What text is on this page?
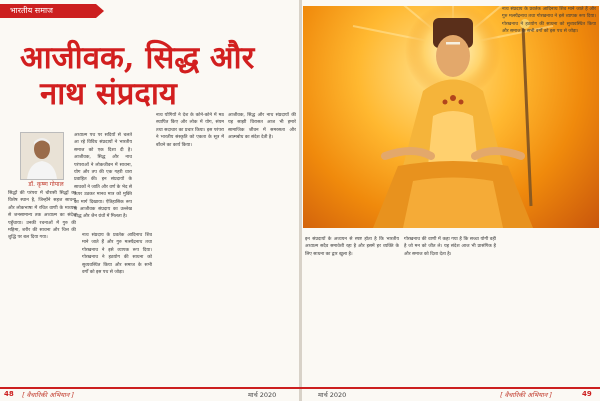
भारतीय समाज
आजीवक, सिद्ध और
नाथ संप्रदाय
डॉ. कृष्ण गोपाल

अध्यात्म पथ पर सदियों से चलते आ रहे विविध संप्रदायों ने भारतीय समाज को एक दिशा दी है। आजीवक, सिद्ध और नाथ परंपराओं ने लोकजीवन में साधना, योग और तप की एक गहरी धारा प्रवाहित की। इन संप्रदायों के साधकों ने जाति और वर्ण के भेद से ऊपर उठकर मानव मात्र को मुक्ति का मार्ग दिखाया। ऐतिहासिक रूप से आजीवक संप्रदाय का उल्लेख बौद्ध और जैन ग्रंथों में मिलता है।

सिद्धों की परंपरा में चौरासी सिद्धों का विशेष स्थान है, जिन्होंने सहज साधना और लोकभाषा में रचित वाणी के माध्यम से जनसामान्य तक अध्यात्म का संदेश पहुँचाया। उनकी रचनाओं में गुरु की महिमा, शरीर की साधना और चित्त की शुद्धि पर बल दिया गया।	नाथ संप्रदाय के प्रवर्तक आदिनाथ शिव माने जाते हैं और गुरु मत्स्येंद्रनाथ तथा गोरखनाथ ने इसे व्यापक रूप दिया। गोरखनाथ ने हठयोग की साधना को सुव्यवस्थित किया और समाज के सभी वर्गों को इस पथ से जोड़ा।

नाथ योगियों ने देश के कोने-कोने में मठ स्थापित किए और लोक में योग, संयम तथा सदाचार का प्रचार किया। इस परंपरा ने भारतीय संस्कृति को एकता के सूत्र में बाँधने का कार्य किया।

आजीवक, सिद्ध और नाथ संप्रदायों की यह साझी विरासत आज भी हमारे सामाजिक जीवन में समरसता और आत्मबोध का संदेश देती है।

इन संप्रदायों के अध्ययन से स्पष्ट होता है कि भारतीय अध्यात्म सदैव समावेशी रहा है और इसमें हर व्यक्ति के लिए साधना का द्वार खुला है।

गोरखनाथ की वाणी में कहा गया है कि सच्चा योगी वही है जो मन को जीत ले। यह संदेश आज भी प्रासंगिक है और समाज को दिशा देता है।

नाथ संप्रदाय के प्रवर्तक आदिनाथ शिव माने जाते हैं और गुरु मत्स्येंद्रनाथ तथा गोरखनाथ ने इसे व्यापक रूप दिया। गोरखनाथ ने हठयोग की साधना को सुव्यवस्थित किया और समाज के सभी वर्गों को इस पथ से जोड़ा।

48 [ वैचारिकी अभियान ]	मार्च 2020	मार्च 2020	[ वैचारिकी अभियान ]	49
